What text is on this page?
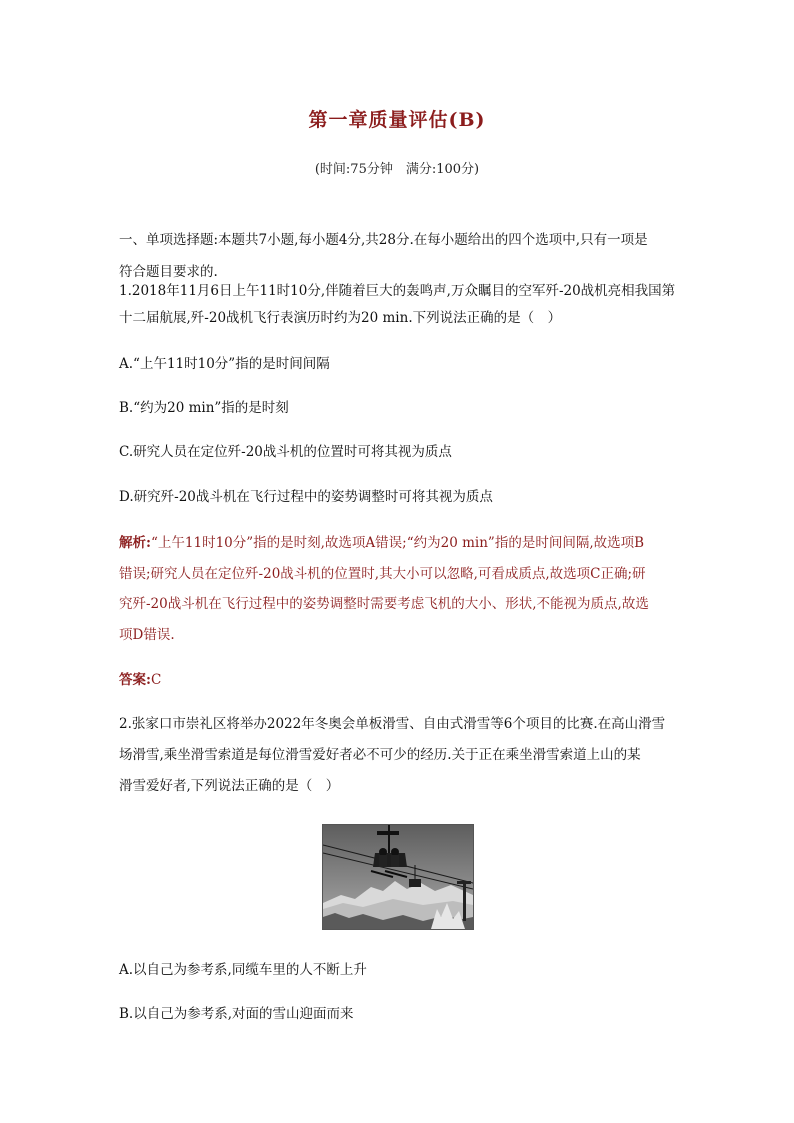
第一章质量评估(B)
(时间:75分钟　满分:100分)
一、单项选择题:本题共7小题,每小题4分,共28分.在每小题给出的四个选项中,只有一项是
符合题目要求的.
1.2018年11月6日上午11时10分,伴随着巨大的轰鸣声,万众瞩目的空军歼-20战机亮相我国第
十二届航展,歼-20战机飞行表演历时约为20 min.下列说法正确的是（　）
A.“上午11时10分”指的是时间间隔
B.“约为20 min”指的是时刻
C.研究人员在定位歼-20战斗机的位置时可将其视为质点
D.研究歼-20战斗机在飞行过程中的姿势调整时可将其视为质点
解析:“上午11时10分”指的是时刻,故选项A错误;“约为20 min”指的是时间间隔,故选项B
错误;研究人员在定位歼-20战斗机的位置时,其大小可以忽略,可看成质点,故选项C正确;研
究歼-20战斗机在飞行过程中的姿势调整时需要考虑飞机的大小、形状,不能视为质点,故选
项D错误.
答案:C
2.张家口市崇礼区将举办2022年冬奥会单板滑雪、自由式滑雪等6个项目的比赛.在高山滑雪
场滑雪,乘坐滑雪索道是每位滑雪爱好者必不可少的经历.关于正在乘坐滑雪索道上山的某
滑雪爱好者,下列说法正确的是（　）
A.以自己为参考系,同缆车里的人不断上升
B.以自己为参考系,对面的雪山迎面而来
